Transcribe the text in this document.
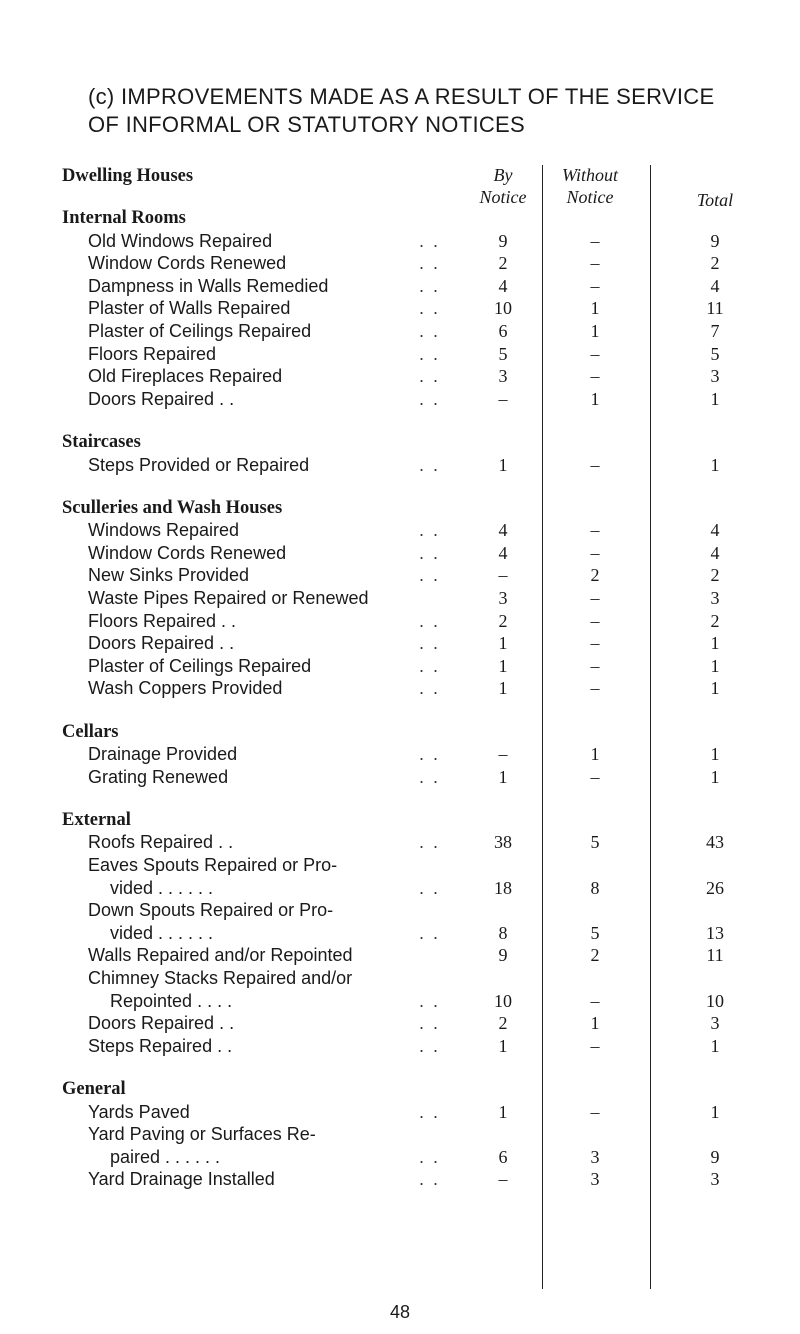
(c) IMPROVEMENTS MADE AS A RESULT OF THE SERVICE
OF INFORMAL OR STATUTORY NOTICES
Dwelling Houses	By
Notice
Without
Notice	Total
Internal Rooms
Old Windows Repaired	. .	9	–	9
Window Cords Renewed	. .	2	–	2
Dampness in Walls Remedied	. .	4	–	4
Plaster of Walls Repaired	. .	10	1	11
Plaster of Ceilings Repaired	. .	6	1	7
Floors Repaired	. .	5	–	5
Old Fireplaces Repaired	. .	3	–	3
Doors Repaired . .	. .	–	1	1
Staircases
Steps Provided or Repaired	. .	1	–	1
Sculleries and Wash Houses
Windows Repaired	. .	4	–	4
Window Cords Renewed	. .	4	–	4
New Sinks Provided	. .	–	2	2
Waste Pipes Repaired or Renewed	3	–	3
Floors Repaired . .	. .	2	–	2
Doors Repaired . .	. .	1	–	1
Plaster of Ceilings Repaired	. .	1	–	1
Wash Coppers Provided	. .	1	–	1
Cellars
Drainage Provided	. .	–	1	1
Grating Renewed	. .	1	–	1
External
Roofs Repaired . .	. .	38	5	43
Eaves Spouts Repaired or Pro-
vided . . . . . .	. .	18	8	26
Down Spouts Repaired or Pro-
vided . . . . . .	. .	8	5	13
Walls Repaired and/or Repointed	9	2	11
Chimney Stacks Repaired and/or
Repointed . . . .	. .	10	–	10
Doors Repaired . .	. .	2	1	3
Steps Repaired . .	. .	1	–	1
General
Yards Paved	. .	1	–	1
Yard Paving or Surfaces Re-
paired . . . . . .	. .	6	3	9
Yard Drainage Installed	. .	–	3	3
48
